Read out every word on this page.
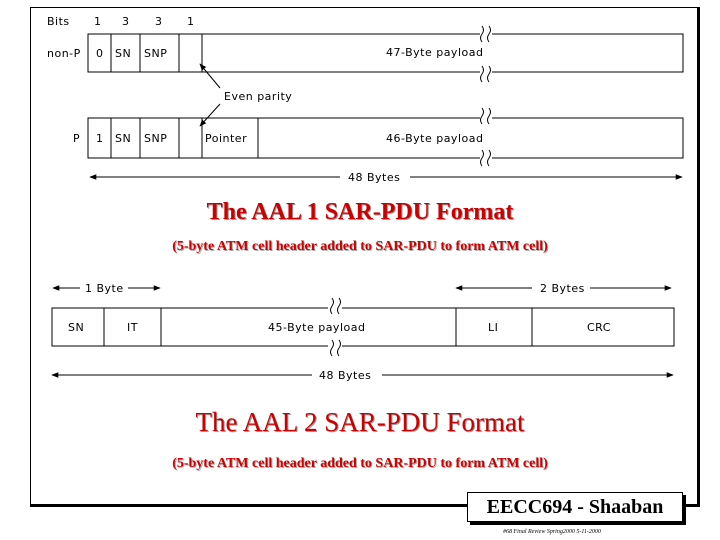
Bits 1 3 3 1
non-P 0 SN SNP	47-Byte payload
Even parity
P 1 SN SNP	Pointer	46-Byte payload
48 Bytes
1 Byte	2 Bytes
SN	IT	45-Byte payload	LI	CRC
48 Bytes
The AAL 1 SAR-PDU Format
(5-byte ATM cell header added to SAR-PDU to form ATM cell)
The AAL 2 SAR-PDU Format
(5-byte ATM cell header added to SAR-PDU to form ATM cell)
EECC694 - Shaaban
#68 Final Review Spring2000 5-11-2000
